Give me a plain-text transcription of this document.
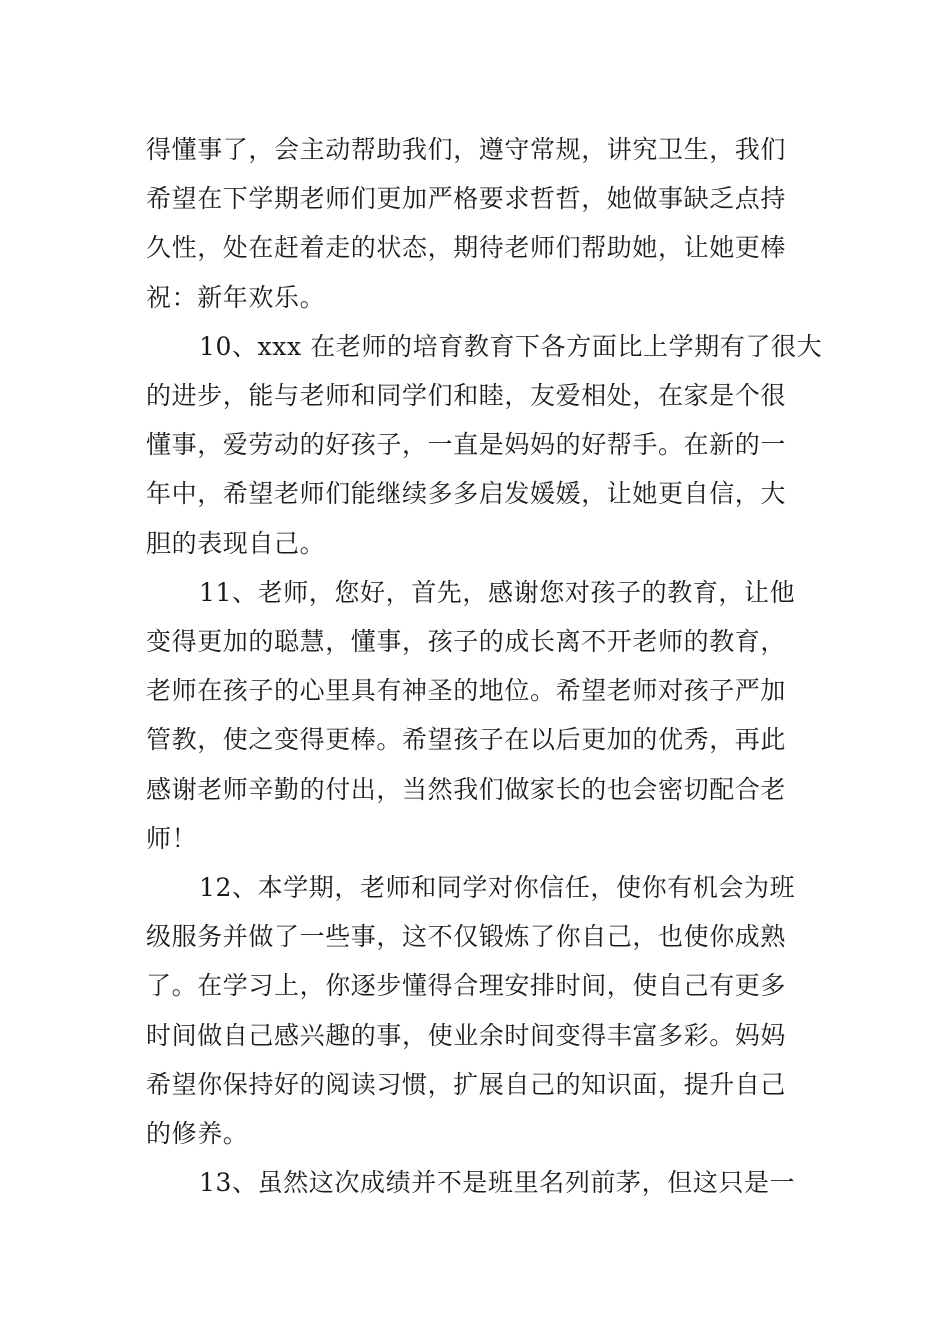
得懂事了，会主动帮助我们，遵守常规，讲究卫生，我们
希望在下学期老师们更加严格要求哲哲，她做事缺乏点持
久性，处在赶着走的状态，期待老师们帮助她，让她更棒
祝：新年欢乐。

10、xxx 在老师的培育教育下各方面比上学期有了很大
的进步，能与老师和同学们和睦，友爱相处，在家是个很
懂事，爱劳动的好孩子，一直是妈妈的好帮手。在新的一
年中，希望老师们能继续多多启发媛媛，让她更自信，大
胆的表现自己。

11、老师，您好，首先，感谢您对孩子的教育，让他
变得更加的聪慧，懂事，孩子的成长离不开老师的教育，
老师在孩子的心里具有神圣的地位。希望老师对孩子严加
管教，使之变得更棒。希望孩子在以后更加的优秀，再此
感谢老师辛勤的付出，当然我们做家长的也会密切配合老
师！

12、本学期，老师和同学对你信任，使你有机会为班
级服务并做了一些事，这不仅锻炼了你自己，也使你成熟
了。在学习上，你逐步懂得合理安排时间，使自己有更多
时间做自己感兴趣的事，使业余时间变得丰富多彩。妈妈
希望你保持好的阅读习惯，扩展自己的知识面，提升自己
的修养。

13、虽然这次成绩并不是班里名列前茅，但这只是一
